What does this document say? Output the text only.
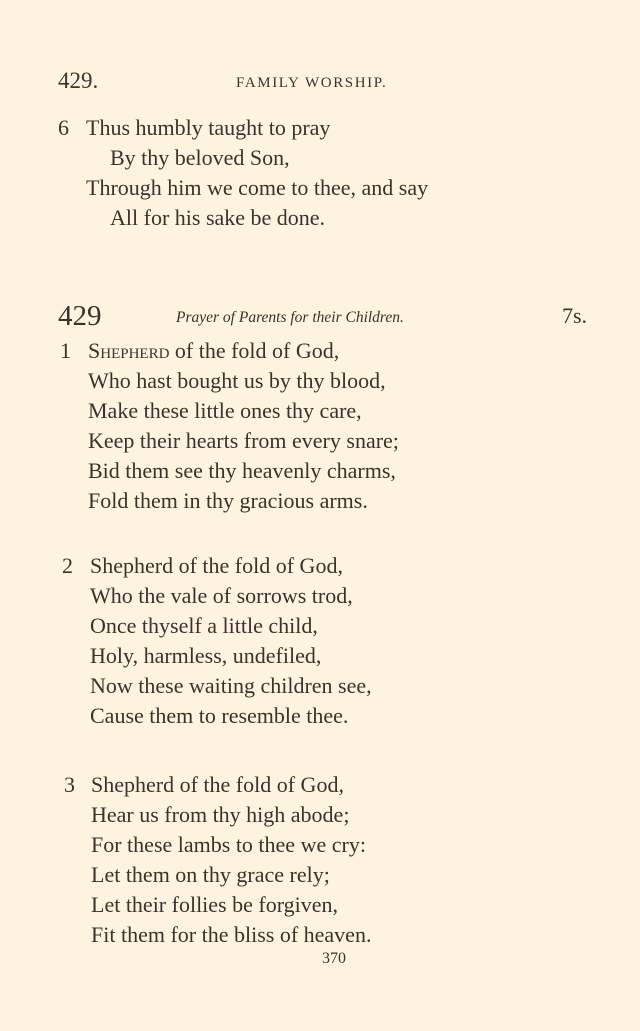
429.	FAMILY WORSHIP.
6 Thus humbly taught to pray
By thy beloved Son,
Through him we come to thee, and say
All for his sake be done.
429	Prayer of Parents for their Children.	7s.
1 Shepherd of the fold of God,
Who hast bought us by thy blood,
Make these little ones thy care,
Keep their hearts from every snare;
Bid them see thy heavenly charms,
Fold them in thy gracious arms.
2 Shepherd of the fold of God,
Who the vale of sorrows trod,
Once thyself a little child,
Holy, harmless, undefiled,
Now these waiting children see,
Cause them to resemble thee.
3 Shepherd of the fold of God,
Hear us from thy high abode;
For these lambs to thee we cry:
Let them on thy grace rely;
Let their follies be forgiven,
Fit them for the bliss of heaven.
370
